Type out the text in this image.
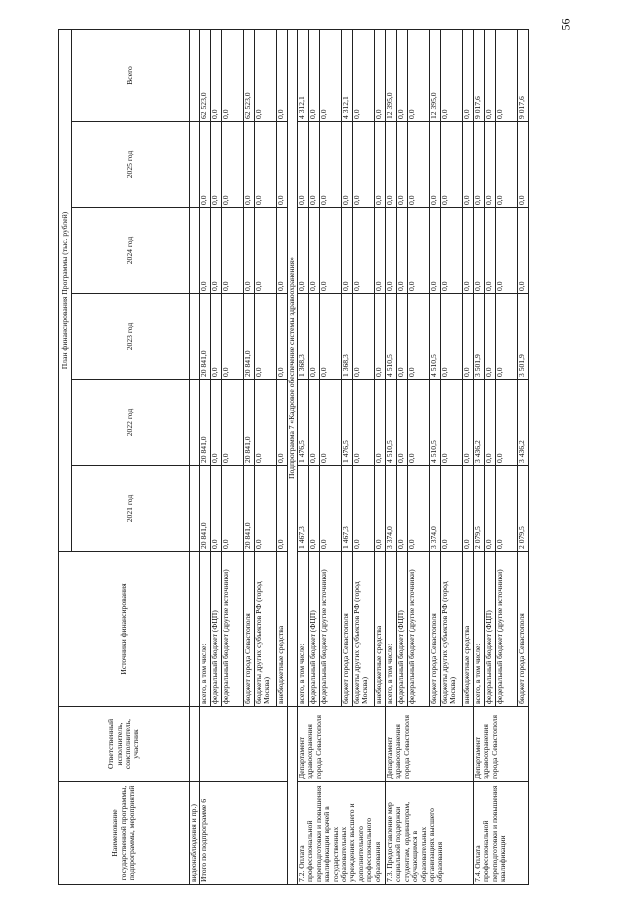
56
Наименование государственной программы, подпрограммы, мероприятий	Ответственный исполнитель, соисполнитель, участник	Источники финансирования	План финансирования Программы (тыс. рублей)					
			2021 год	2022 год	2023 год	2024 год	2025 год	Всего
видеонаблюдения и пр.)								
Итого по подпрограмме 6		всего, в том числе:	20 841,0	20 841,0	20 841,0	0,0	0,0	62 523,0
		федеральный бюджет (ФЦП)	0,0	0,0	0,0	0,0	0,0	0,0
		федеральный бюджет (другие источники)	0,0	0,0	0,0	0,0	0,0	0,0
		бюджет города Севастополя	20 841,0	20 841,0	20 841,0	0,0	0,0	62 523,0
		бюджеты других субъектов РФ (город Москва)	0,0	0,0	0,0	0,0	0,0	0,0
		внебюджетные средства	0,0	0,0	0,0	0,0	0,0	0,0
		Подпрограмма 7 «Кадровое обеспечение системы здравоохранения»						
7.2. Оплата профессиональной переподготовки и повышения квалификации врачей в государственных образовательных учреждениях высшего и дополнительного профессионального образования	Департамент здравоохранения города Севастополя	всего, в том числе:	1 467,3	1 476,5	1 368,3	0,0	0,0	4 312,1
		федеральный бюджет (ФЦП)	0,0	0,0	0,0	0,0	0,0	0,0
		федеральный бюджет (другие источники)	0,0	0,0	0,0	0,0	0,0	0,0
		бюджет города Севастополя	1 467,3	1 476,5	1 368,3	0,0	0,0	4 312,1
		бюджеты других субъектов РФ (город Москва)	0,0	0,0	0,0	0,0	0,0	0,0
		внебюджетные средства	0,0	0,0	0,0	0,0	0,0	0,0
7.3. Предоставление мер социальной поддержки студентам, ординаторам, обучающимся в образовательных организациях высшего образования	Департамент здравоохранения города Севастополя	всего, в том числе:	3 374,0	4 510,5	4 510,5	0,0	0,0	12 395,0
		федеральный бюджет (ФЦП)	0,0	0,0	0,0	0,0	0,0	0,0
		федеральный бюджет (другие источники)	0,0	0,0	0,0	0,0	0,0	0,0
		бюджет города Севастополя	3 374,0	4 510,5	4 510,5	0,0	0,0	12 395,0
		бюджеты других субъектов РФ (город Москва)	0,0	0,0	0,0	0,0	0,0	0,0
		внебюджетные средства	0,0	0,0	0,0	0,0	0,0	0,0
7.4. Оплата профессиональной переподготовки и повышения квалификации	Департамент здравоохранения города Севастополя	всего, в том числе:	2 079,5	3 436,2	3 501,9	0,0	0,0	9 017,6
		федеральный бюджет (ФЦП)	0,0	0,0	0,0	0,0	0,0	0,0
		федеральный бюджет (другие источники)	0,0	0,0	0,0	0,0	0,0	0,0
		бюджет города Севастополя	2 079,5	3 436,2	3 501,9	0,0	0,0	9 017,6
